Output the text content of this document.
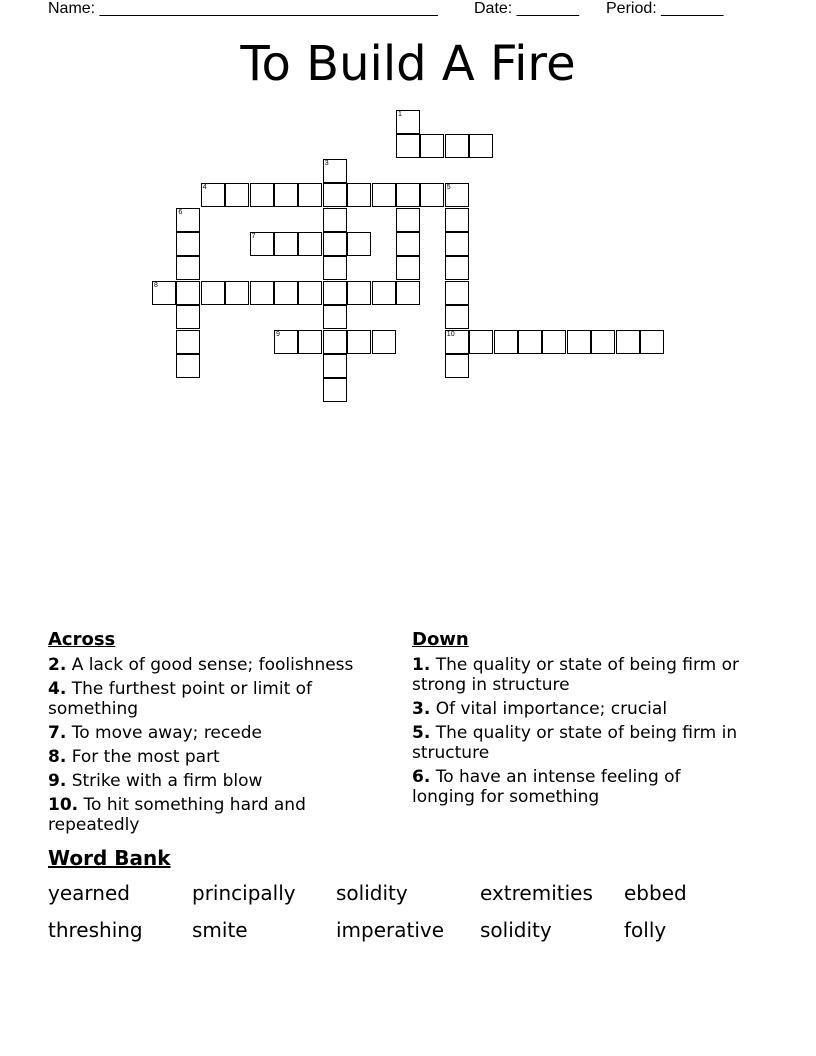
Name: ______________________________________ Date: _______ Period: _______
To Build A Fire
1
3
4	5
6
7
8
9	10
Across
2. A lack of good sense; foolishness
4. The furthest point or limit of something
7. To move away; recede
8. For the most part
9. Strike with a firm blow
10. To hit something hard and repeatedly
Down
1. The quality or state of being firm or strong in structure
3. Of vital importance; crucial
5. The quality or state of being firm in structure
6. To have an intense feeling of longing for something
Word Bank
yearned	principally	solidity	extremities	ebbed
threshing	smite	imperative	solidity	folly
